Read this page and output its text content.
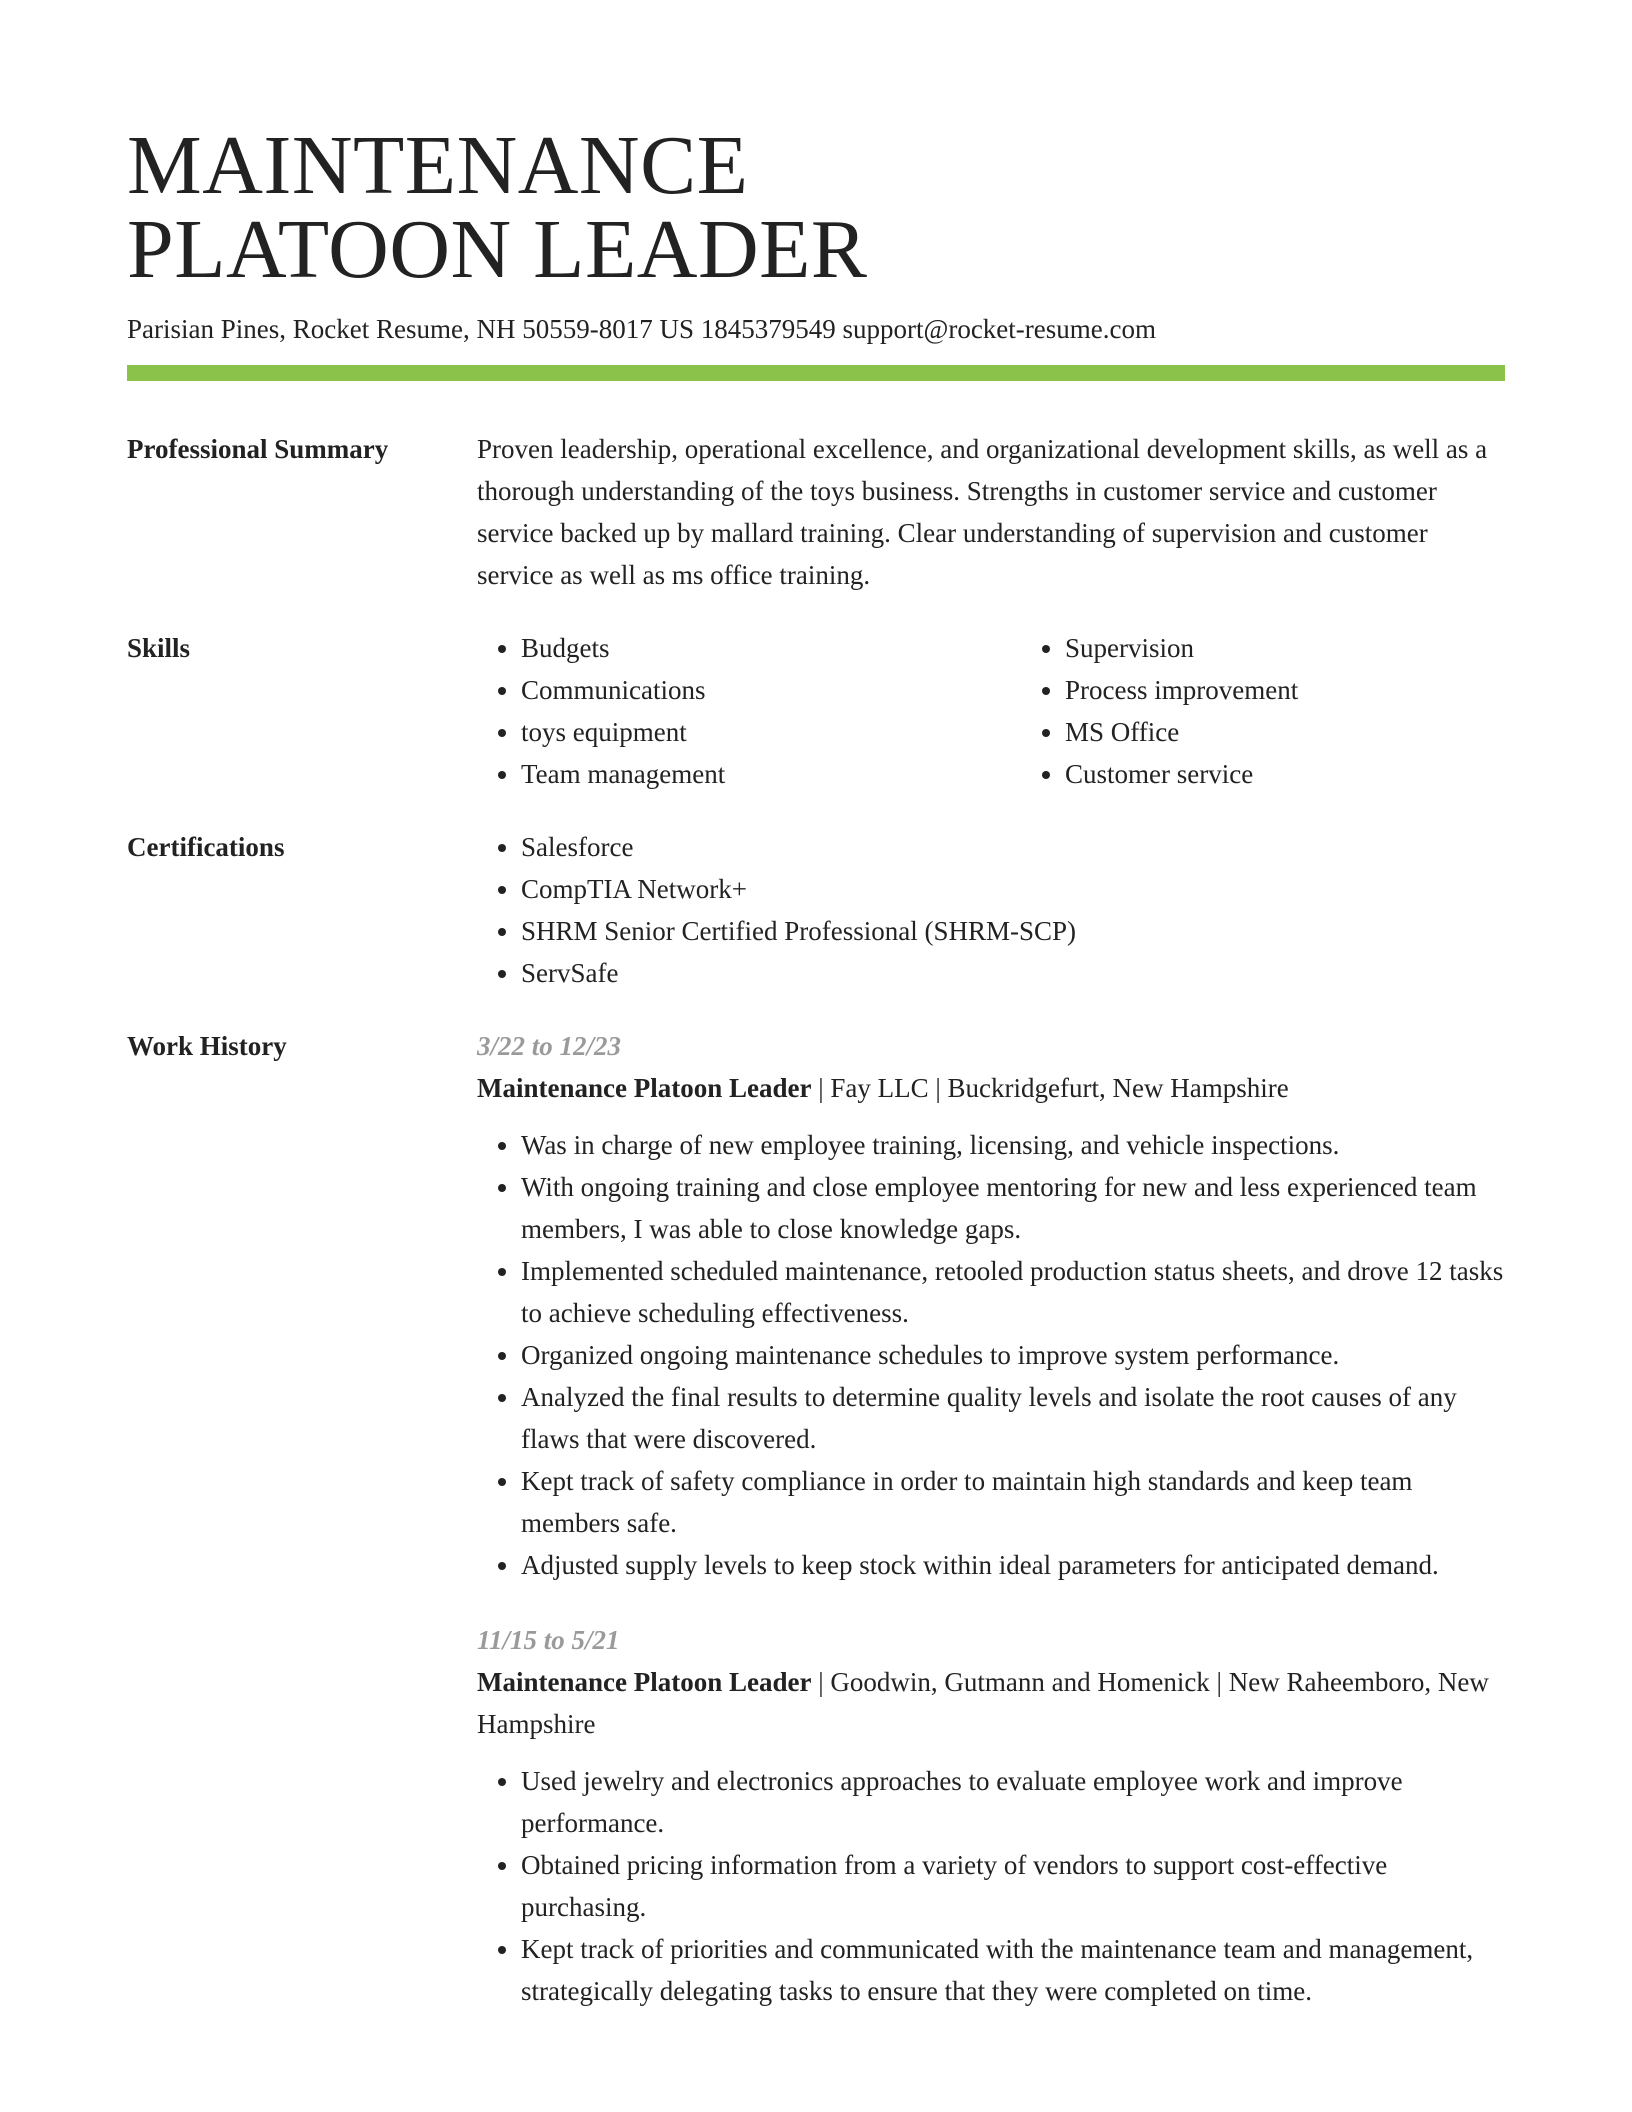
MAINTENANCE
PLATOON LEADER
Parisian Pines, Rocket Resume, NH 50559-8017 US 1845379549 support@rocket-resume.com
Professional Summary	Proven leadership, operational excellence, and organizational development skills, as well as a thorough understanding of the toys business. Strengths in customer service and customer service backed up by mallard training. Clear understanding of supervision and customer service as well as ms office training.
Skills	• Budgets
• Communications
• toys equipment
• Team management
• Supervision
• Process improvement
• MS Office
• Customer service
Certifications	• Salesforce
• CompTIA Network+
• SHRM Senior Certified Professional (SHRM-SCP)
• ServSafe
Work History	3/22 to 12/23
Maintenance Platoon Leader | Fay LLC | Buckridgefurt, New Hampshire
• Was in charge of new employee training, licensing, and vehicle inspections.
• With ongoing training and close employee mentoring for new and less experienced team members, I was able to close knowledge gaps.
• Implemented scheduled maintenance, retooled production status sheets, and drove 12 tasks to achieve scheduling effectiveness.
• Organized ongoing maintenance schedules to improve system performance.
• Analyzed the final results to determine quality levels and isolate the root causes of any flaws that were discovered.
• Kept track of safety compliance in order to maintain high standards and keep team members safe.
• Adjusted supply levels to keep stock within ideal parameters for anticipated demand.
11/15 to 5/21
Maintenance Platoon Leader | Goodwin, Gutmann and Homenick | New Raheemboro, New Hampshire
• Used jewelry and electronics approaches to evaluate employee work and improve performance.
• Obtained pricing information from a variety of vendors to support cost-effective purchasing.
• Kept track of priorities and communicated with the maintenance team and management, strategically delegating tasks to ensure that they were completed on time.
